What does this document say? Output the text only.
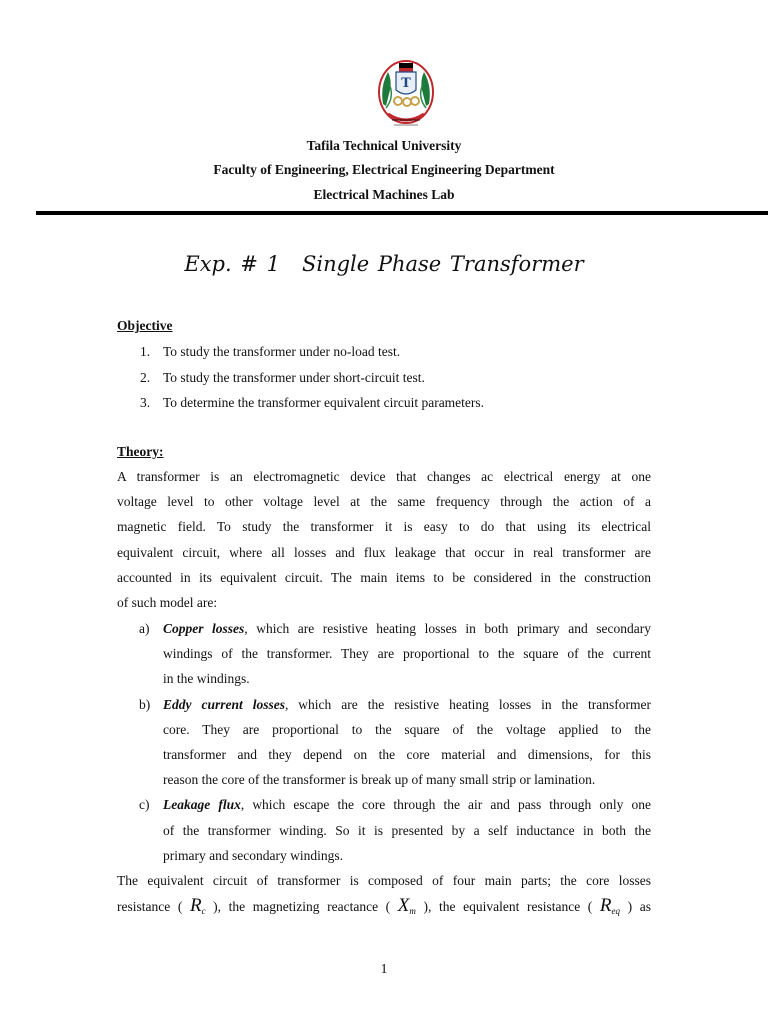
T
Tafila Technical University
Faculty of Engineering, Electrical Engineering Department
Electrical Machines Lab
Exp. # 1 Single Phase Transformer
Objective
1. To study the transformer under no-load test.
2. To study the transformer under short-circuit test.
3. To determine the transformer equivalent circuit parameters.
Theory:
A transformer is an electromagnetic device that changes ac electrical energy at one
voltage level to other voltage level at the same frequency through the action of a
magnetic field. To study the transformer it is easy to do that using its electrical
equivalent circuit, where all losses and flux leakage that occur in real transformer are
accounted in its equivalent circuit. The main items to be considered in the construction
of such model are:
a) Copper losses, which are resistive heating losses in both primary and secondary
windings of the transformer. They are proportional to the square of the current
in the windings.
b) Eddy current losses, which are the resistive heating losses in the transformer
core. They are proportional to the square of the voltage applied to the
transformer and they depend on the core material and dimensions, for this
reason the core of the transformer is break up of many small strip or lamination.
c) Leakage flux, which escape the core through the air and pass through only one
of the transformer winding. So it is presented by a self inductance in both the
primary and secondary windings.
The equivalent circuit of transformer is composed of four main parts; the core losses
resistance ( $R_c$ ), the magnetizing reactance ( $X_m$ ), the equivalent resistance ( $R_{eq}$ ) as
1
